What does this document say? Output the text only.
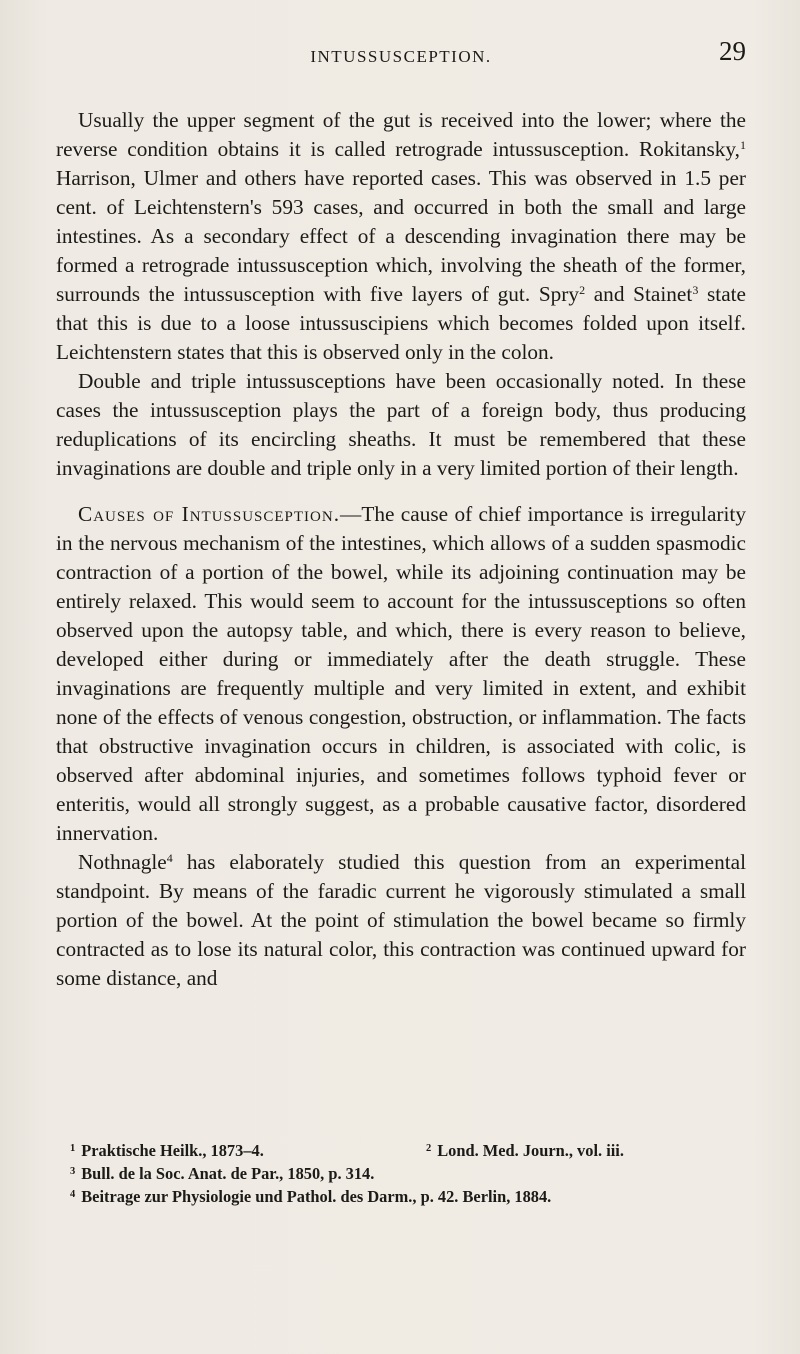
INTUSSUSCEPTION.	29

Usually the upper segment of the gut is received into the lower; where the reverse condition obtains it is called retrograde intussusception. Rokitansky,$^1$ Harrison, Ulmer and others have reported cases. This was observed in 1.5 per cent. of Leichtenstern's 593 cases, and occurred in both the small and large intestines. As a secondary effect of a descending invagination there may be formed a retrograde intussusception which, involving the sheath of the former, surrounds the intussusception with five layers of gut. Spry$^2$ and Stainet$^3$ state that this is due to a loose intussuscipiens which becomes folded upon itself. Leichtenstern states that this is observed only in the colon.

Double and triple intussusceptions have been occasionally noted. In these cases the intussusception plays the part of a foreign body, thus producing reduplications of its encircling sheaths. It must be remembered that these invaginations are double and triple only in a very limited portion of their length.

Causes of Intussusception.—The cause of chief importance is irregularity in the nervous mechanism of the intestines, which allows of a sudden spasmodic contraction of a portion of the bowel, while its adjoining continuation may be entirely relaxed. This would seem to account for the intussusceptions so often observed upon the autopsy table, and which, there is every reason to believe, developed either during or immediately after the death struggle. These invaginations are frequently multiple and very limited in extent, and exhibit none of the effects of venous congestion, obstruction, or inflammation. The facts that obstructive invagination occurs in children, is associated with colic, is observed after abdominal injuries, and sometimes follows typhoid fever or enteritis, would all strongly suggest, as a probable causative factor, disordered innervation.

Nothnagle$^4$ has elaborately studied this question from an experimental standpoint. By means of the faradic current he vigorously stimulated a small portion of the bowel. At the point of stimulation the bowel became so firmly contracted as to lose its natural color, this contraction was continued upward for some distance, and

$^1$ Praktische Heilk., 1873–4.	$^2$ Lond. Med. Journ., vol. iii.
$^3$ Bull. de la Soc. Anat. de Par., 1850, p. 314.
$^4$ Beitrage zur Physiologie und Pathol. des Darm., p. 42. Berlin, 1884.
